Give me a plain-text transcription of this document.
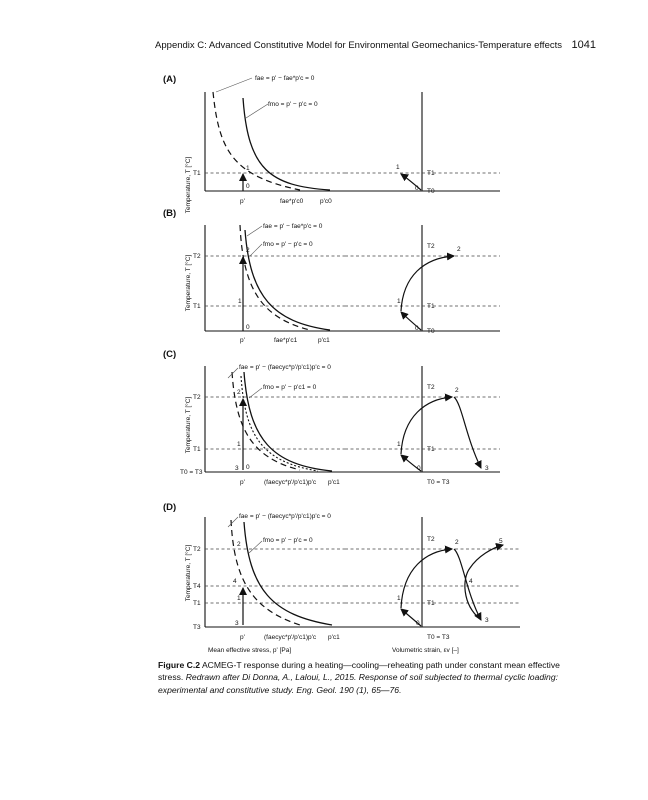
Appendix C: Advanced Constitutive Model for Environmental Geomechanics-Temperature effects 1041
(A)
Temperature, T [°C]
fae = p' − fae*p'c = 0
fmo = p' − p'c = 0
T1
p'	fae*p'c0	p'c0
0
1
T1
T0
0
1
(B)
Temperature, T [°C]
fae = p' − fae*p'c = 0
fmo = p' − p'c = 0
T2
T1
p'	fae*p'c1	p'c1
0
1
2
T2
T1
T0
0
1
2
(C)
Temperature, T [°C]
fae = p' − (faecyc*p'/p'c1)p'c = 0
fmo = p' − p'c1 = 0
T2
T1
T0 = T3
p'	(faecyc*p'/p'c1)p'c p'c1
0
1
2
3
T2
T1
T0 = T3
0
1
2
3
(D)
Temperature, T [°C]
fae = p' − (faecyc*p'/p'c1)p'c = 0
fmo = p' − p'c = 0
T2
T4
T1
T3
p'	(faecyc*p'/p'c1)p'c p'c1
Mean effective stress, p' [Pa]
1
2
3
4
T2
T1
T0 = T3
Volumetric strain, εv [–]
0
1
2
3
4
5
Figure C.2 ACMEG-T response during a heating—cooling—reheating path under constant mean effective stress. Redrawn after Di Donna, A., Laloui, L., 2015. Response of soil subjected to thermal cyclic loading: experimental and constitutive study. Eng. Geol. 190 (1), 65—76.
